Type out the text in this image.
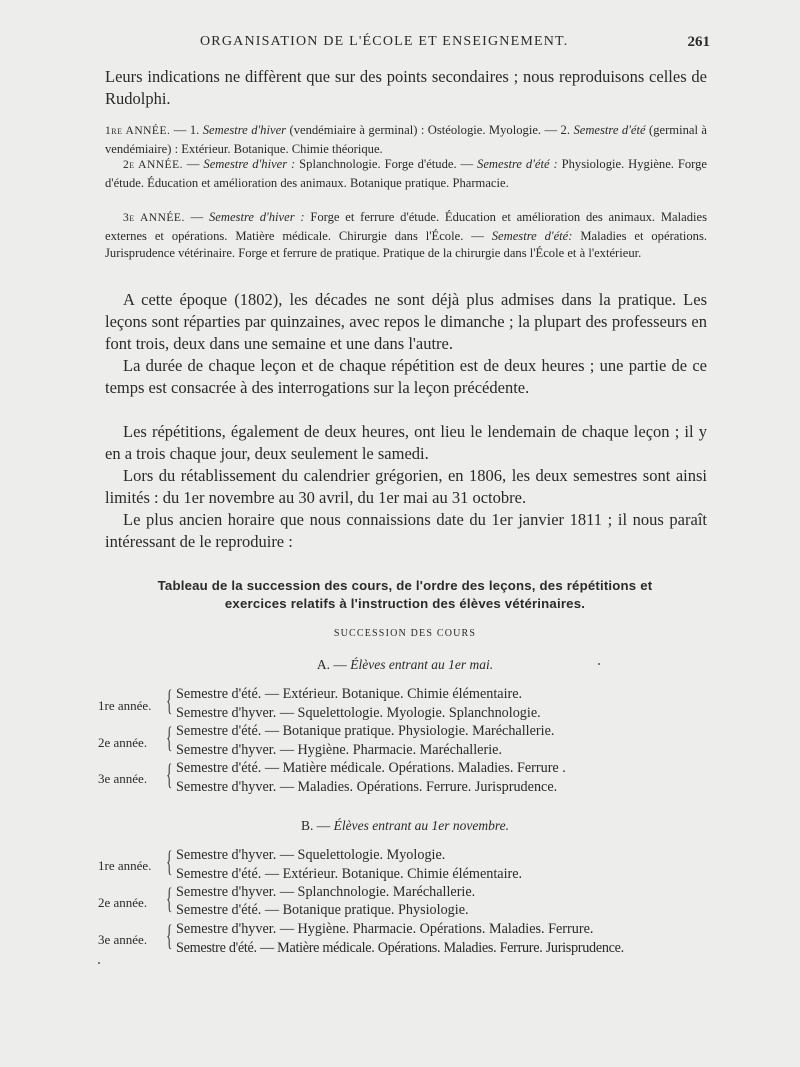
ORGANISATION DE L'ÉCOLE ET ENSEIGNEMENT.	261
Leurs indications ne diffèrent que sur des points secondaires ; nous reproduisons celles de Rudolphi.
1re ANNÉE. — 1. Semestre d'hiver (vendémiaire à germinal) : Ostéologie. Myologie. — 2. Semestre d'été (germinal à vendémiaire) : Extérieur. Botanique. Chimie théorique.
2e ANNÉE. — Semestre d'hiver : Splanchnologie. Forge d'étude. — Semestre d'été : Physiologie. Hygiène. Forge d'étude. Éducation et amélioration des animaux. Botanique pratique. Pharmacie.
3e ANNÉE. — Semestre d'hiver : Forge et ferrure d'étude. Éducation et amélioration des animaux. Maladies externes et opérations. Matière médicale. Chirurgie dans l'École. — Semestre d'été: Maladies et opérations. Jurisprudence vétérinaire. Forge et ferrure de pratique. Pratique de la chirurgie dans l'École et à l'extérieur.
A cette époque (1802), les décades ne sont déjà plus admises dans la pratique. Les leçons sont réparties par quinzaines, avec repos le dimanche ; la plupart des professeurs en font trois, deux dans une semaine et une dans l'autre.
La durée de chaque leçon et de chaque répétition est de deux heures ; une partie de ce temps est consacrée à des interrogations sur la leçon précédente.
Les répétitions, également de deux heures, ont lieu le lendemain de chaque leçon ; il y en a trois chaque jour, deux seulement le samedi.
Lors du rétablissement du calendrier grégorien, en 1806, les deux semestres sont ainsi limités : du 1er novembre au 30 avril, du 1er mai au 31 octobre.
Le plus ancien horaire que nous connaissions date du 1er janvier 1811 ; il nous paraît intéressant de le reproduire :
Tableau de la succession des cours, de l'ordre des leçons, des répétitions et
exercices relatifs à l'instruction des élèves vétérinaires.
SUCCESSION DES COURS
A. — Élèves entrant au 1er mai.
1re année. { Semestre d'été. — Extérieur. Botanique. Chimie élémentaire.
Semestre d'hyver. — Squelettologie. Myologie. Splanchnologie.
2e année. { Semestre d'été. — Botanique pratique. Physiologie. Maréchallerie.
Semestre d'hyver. — Hygiène. Pharmacie. Maréchallerie.
3e année. { Semestre d'été. — Matière médicale. Opérations. Maladies. Ferrure .
Semestre d'hyver. — Maladies. Opérations. Ferrure. Jurisprudence.
B. — Élèves entrant au 1er novembre.
1re année. { Semestre d'hyver. — Squelettologie. Myologie.
Semestre d'été. — Extérieur. Botanique. Chimie élémentaire.
2e année. { Semestre d'hyver. — Splanchnologie. Maréchallerie.
Semestre d'été. — Botanique pratique. Physiologie.
3e année. { Semestre d'hyver. — Hygiène. Pharmacie. Opérations. Maladies. Ferrure.
Semestre d'été. — Matière médicale. Opérations. Maladies. Ferrure. Jurisprudence.
